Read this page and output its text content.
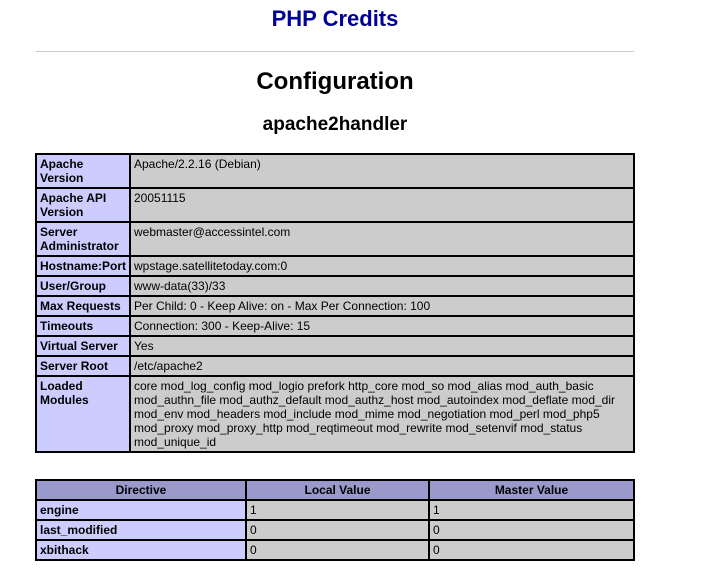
PHP Credits
Configuration
apache2handler
Apache Version	Apache/2.2.16 (Debian)
Apache API Version	20051115
Server Administrator	webmaster@accessintel.com
Hostname:Port	wpstage.satellitetoday.com:0
User/Group	www-data(33)/33
Max Requests	Per Child: 0 - Keep Alive: on - Max Per Connection: 100
Timeouts	Connection: 300 - Keep-Alive: 15
Virtual Server	Yes
Server Root	/etc/apache2
Loaded Modules	core mod_log_config mod_logio prefork http_core mod_so mod_alias mod_auth_basic mod_authn_file mod_authz_default mod_authz_host mod_autoindex mod_deflate mod_dir mod_env mod_headers mod_include mod_mime mod_negotiation mod_perl mod_php5 mod_proxy mod_proxy_http mod_reqtimeout mod_rewrite mod_setenvif mod_status mod_unique_id
Directive	Local Value	Master Value
engine	1	1
last_modified	0	0
xbithack	0	0
